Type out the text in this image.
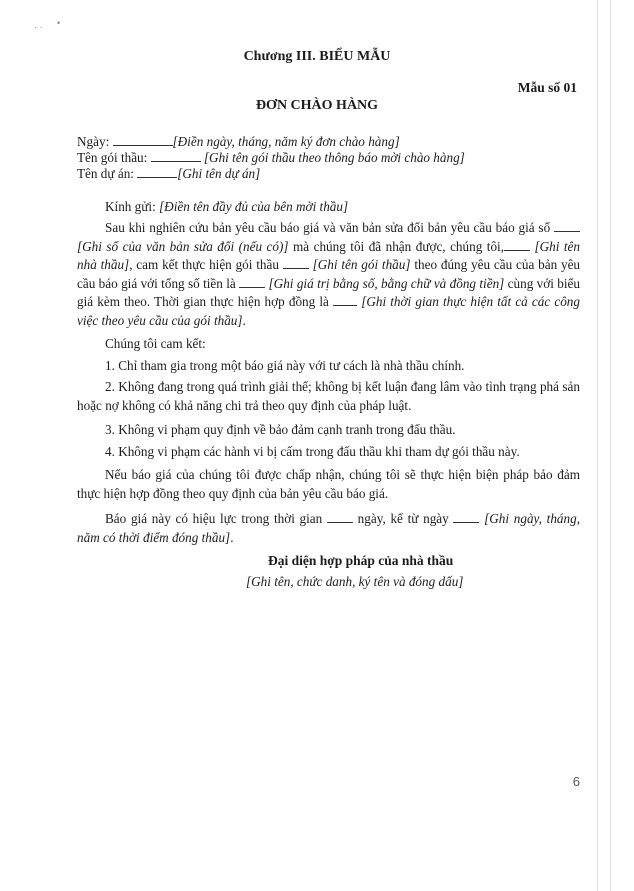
· · •
Chương III. BIỂU MẪU
Mẫu số 01
ĐƠN CHÀO HÀNG
Ngày:	[Điền ngày, tháng, năm ký đơn chào hàng]
Tên gói thầu:	[Ghi tên gói thầu theo thông báo mời chào hàng]
Tên dự án:	[Ghi tên dự án]
Kính gửi: [Điền tên đầy đủ của bên mời thầu]
Sau khi nghiên cứu bản yêu cầu báo giá và văn bản sửa đổi bản yêu cầu báo giá số  [Ghi số của văn bản sửa đổi (nếu có)] mà chúng tôi đã nhận được, chúng tôi, [Ghi tên nhà thầu], cam kết thực hiện gói thầu  [Ghi tên gói thầu] theo đúng yêu cầu của bản yêu cầu báo giá với tổng số tiền là  [Ghi giá trị bằng số, bằng chữ và đồng tiền] cùng với biểu giá kèm theo. Thời gian thực hiện hợp đồng là  [Ghi thời gian thực hiện tất cả các công việc theo yêu cầu của gói thầu].
Chúng tôi cam kết:
1. Chỉ tham gia trong một báo giá này với tư cách là nhà thầu chính.
2. Không đang trong quá trình giải thể; không bị kết luận đang lâm vào tình trạng phá sản hoặc nợ không có khả năng chi trả theo quy định của pháp luật.
3. Không vi phạm quy định về bảo đảm cạnh tranh trong đấu thầu.
4. Không vi phạm các hành vi bị cấm trong đấu thầu khi tham dự gói thầu này.
Nếu báo giá của chúng tôi được chấp nhận, chúng tôi sẽ thực hiện biện pháp bảo đảm thực hiện hợp đồng theo quy định của bản yêu cầu báo giá.
Báo giá này có hiệu lực trong thời gian  ngày, kể từ ngày  [Ghi ngày, tháng, năm có thời điểm đóng thầu].
Đại diện hợp pháp của nhà thầu
[Ghi tên, chức danh, ký tên và đóng dấu]
6
